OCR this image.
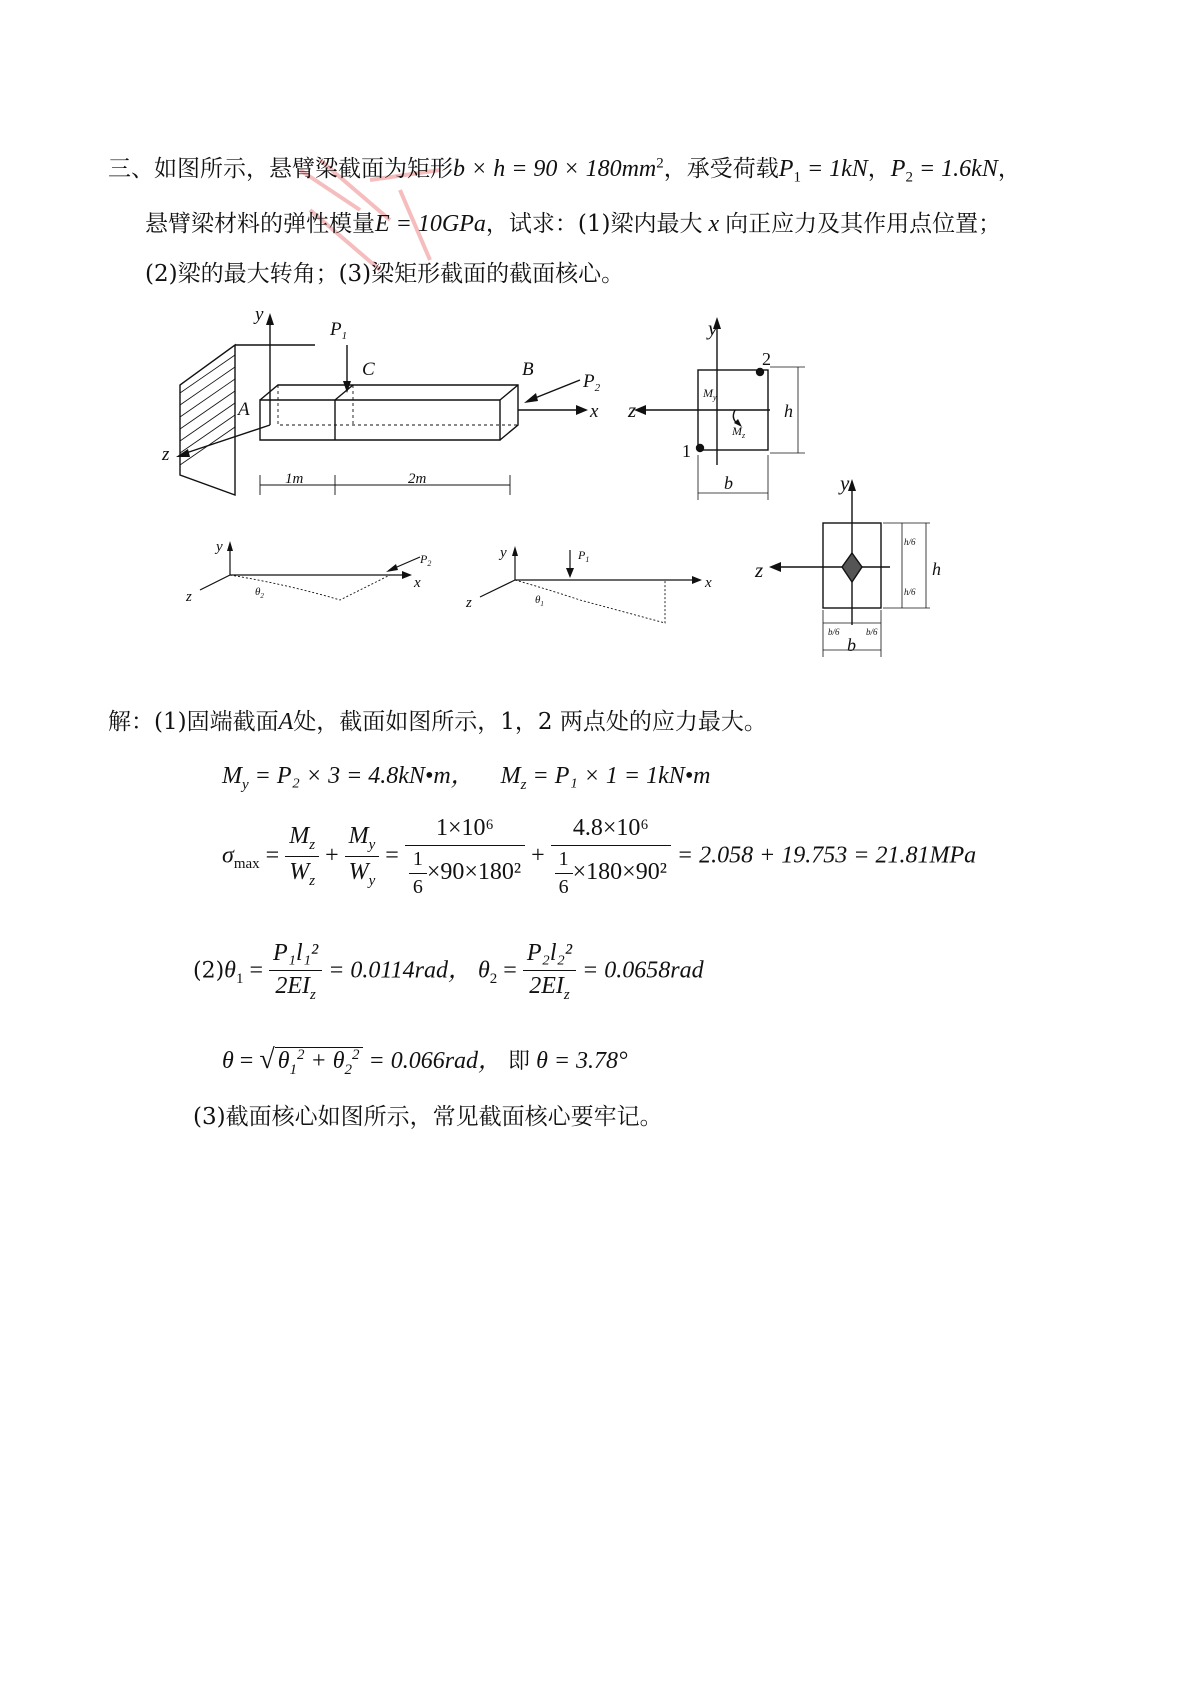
三、如图所示，悬臂梁截面为矩形$b \times h = 90 \times 180mm^2$，承受荷载$P_1 = 1kN$，$P_2 = 1.6kN$，
悬臂梁材料的弹性模量E = 10GPa，试求：(1)梁内最大 x 向正应力及其作用点位置；
(2)梁的最大转角；(3)梁矩形截面的截面核心。
y
z
x
A
C	B
$P_1$
$P_2$
1m	2m
y
z
2
1
$M_y$
$M_z$
h
b	y
z	h
b
h/6
h/6
b/6	b/6
y
z
x
$P_2$
$\theta_2$
y
z
x
$P_1$
$\theta_1$
解：(1)固端截面A处，截面如图所示，1，2 两点处的应力最大。
$M_y = P_2 \times 3$ = 4.8kN•m， $M_z = P_1 \times 1$ = 1kN•m
$\sigma_{max} = \frac{M_z}{W_z} + \frac{M_y}{W_y} = \frac{\text{1×10⁶}}{\frac{1}{6} \times 90\times 180^2} + \frac{\text{4.8×10⁶}}{\frac{1}{6} \times 180\times 90^2} = 2.058 + 19.753 = 21.81MPa$
$(2)\theta_1 = \frac{\text{P₁l₁²}}{2EI_z} = 0.0114rad$， $\theta_2 = \frac{\text{P₂l₂²}}{2EI_z} = 0.0658rad$
θ = √ $\theta_1^2 + \theta_2^2 = 0.066rad$， 即 θ = 3.78°
(3)截面核心如图所示，常见截面核心要牢记。
